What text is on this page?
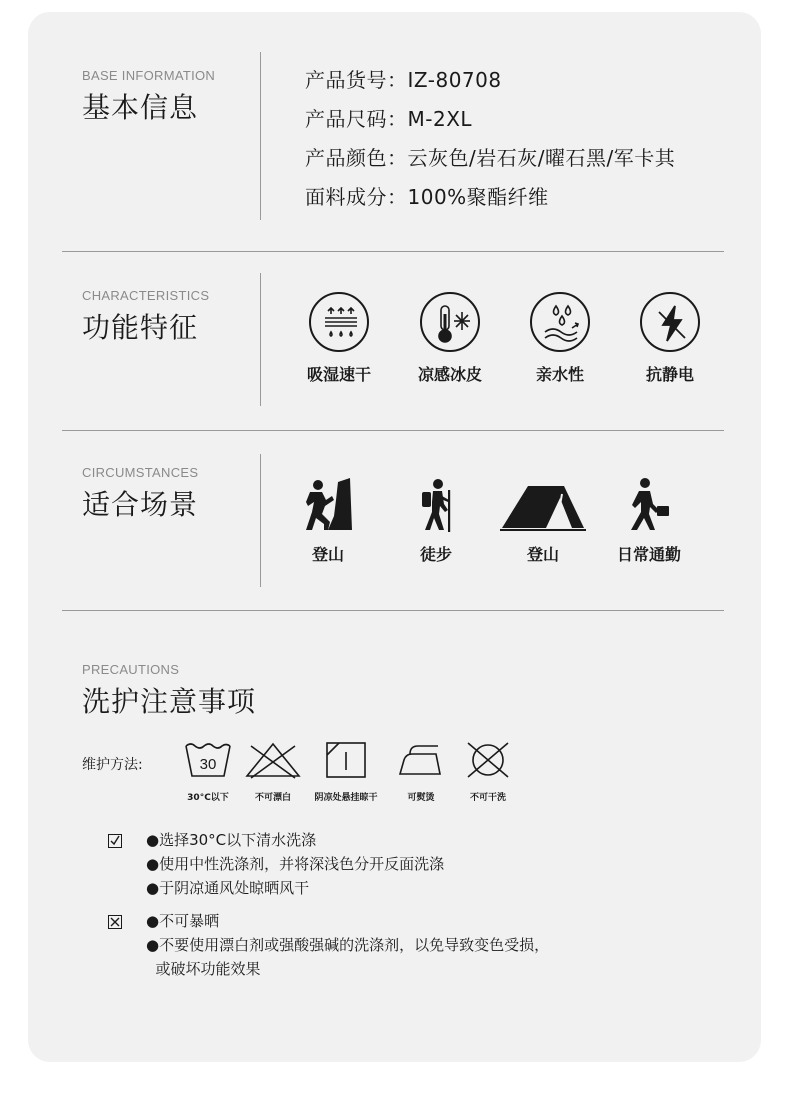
BASE INFORMATION
基本信息
产品货号：IZ-80708
产品尺码：M-2XL
产品颜色：云灰色/岩石灰/曜石黑/军卡其
面料成分：100%聚酯纤维
CHARACTERISTICS
功能特征
吸湿速干	凉感冰皮	亲水性	抗静电
CIRCUMSTANCES
适合场景
登山	徒步	登山	日常通勤
PRECAUTIONS
洗护注意事项
维护方法:	30
30°C以下	不可漂白	阴凉处悬挂晾干	可熨烫	不可干洗
●选择30°C以下清水洗涤
●使用中性洗涤剂，并将深浅色分开反面洗涤
●于阴凉通风处晾晒风干
●不可暴晒
●不要使用漂白剂或强酸强碱的洗涤剂，以免导致变色受损，
或破坏功能效果
